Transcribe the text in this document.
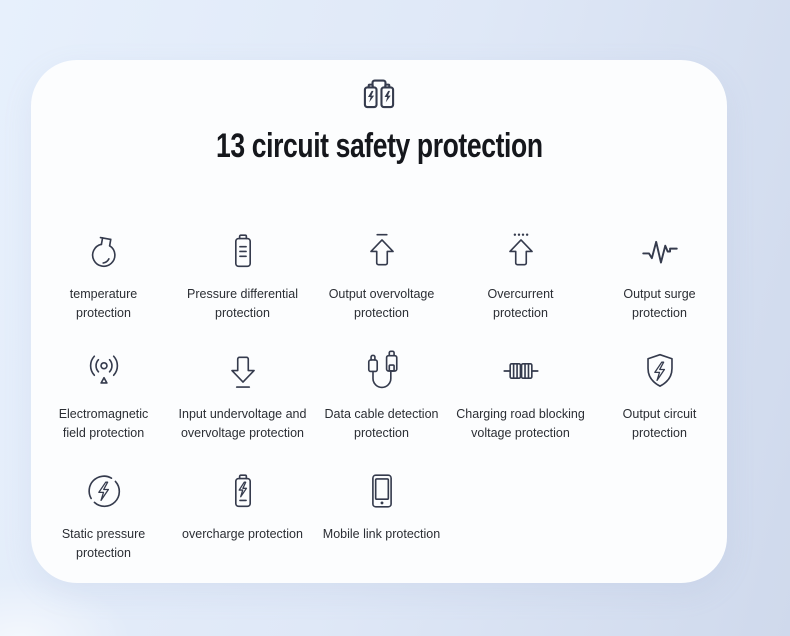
13 circuit safety protection
temperature
protection
Pressure differential
protection
Output overvoltage
protection
Overcurrent
protection
Output surge
protection
Electromagnetic
field protection
Input undervoltage and
overvoltage protection
Data cable detection
protection
Charging road blocking
voltage protection
Output circuit
protection
Static pressure
protection
overcharge protection Mobile link protection
